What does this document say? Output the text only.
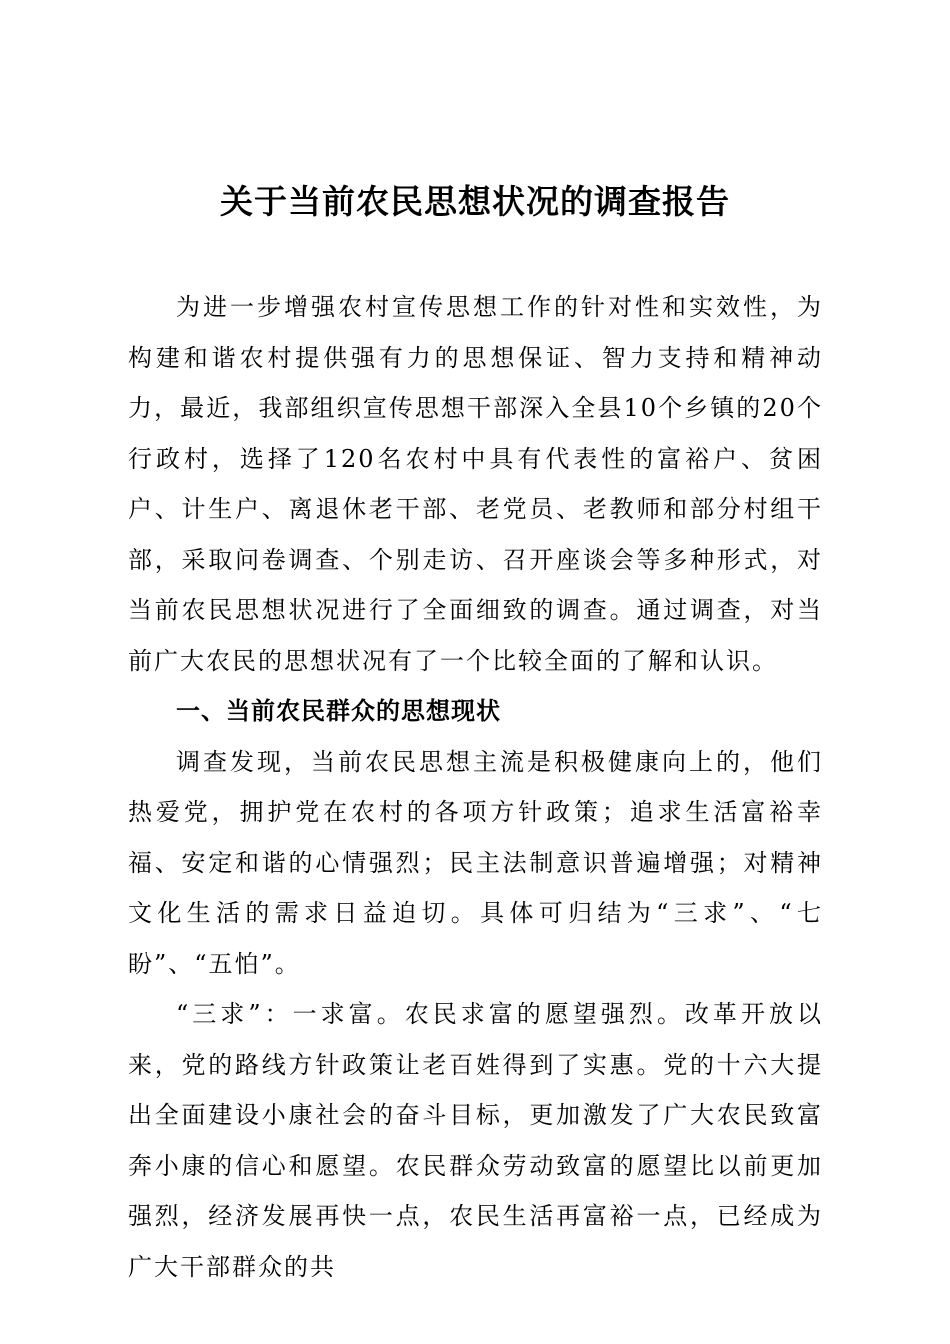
关于当前农民思想状况的调查报告

为进一步增强农村宣传思想工作的针对性和实效性，为构建和谐农村提供强有力的思想保证、智力支持和精神动力，最近，我部组织宣传思想干部深入全县10个乡镇的20个行政村，选择了120名农村中具有代表性的富裕户、贫困户、计生户、离退休老干部、老党员、老教师和部分村组干部，采取问卷调查、个别走访、召开座谈会等多种形式，对当前农民思想状况进行了全面细致的调查。通过调查，对当前广大农民的思想状况有了一个比较全面的了解和认识。

一、当前农民群众的思想现状

调查发现，当前农民思想主流是积极健康向上的，他们热爱党，拥护党在农村的各项方针政策；追求生活富裕幸福、安定和谐的心情强烈；民主法制意识普遍增强；对精神文化生活的需求日益迫切。具体可归结为“三求”、“七盼”、“五怕”。

“三求”：一求富。农民求富的愿望强烈。改革开放以来，党的路线方针政策让老百姓得到了实惠。党的十六大提出全面建设小康社会的奋斗目标，更加激发了广大农民致富奔小康的信心和愿望。农民群众劳动致富的愿望比以前更加强烈，经济发展再快一点，农民生活再富裕一点，已经成为广大干部群众的共
